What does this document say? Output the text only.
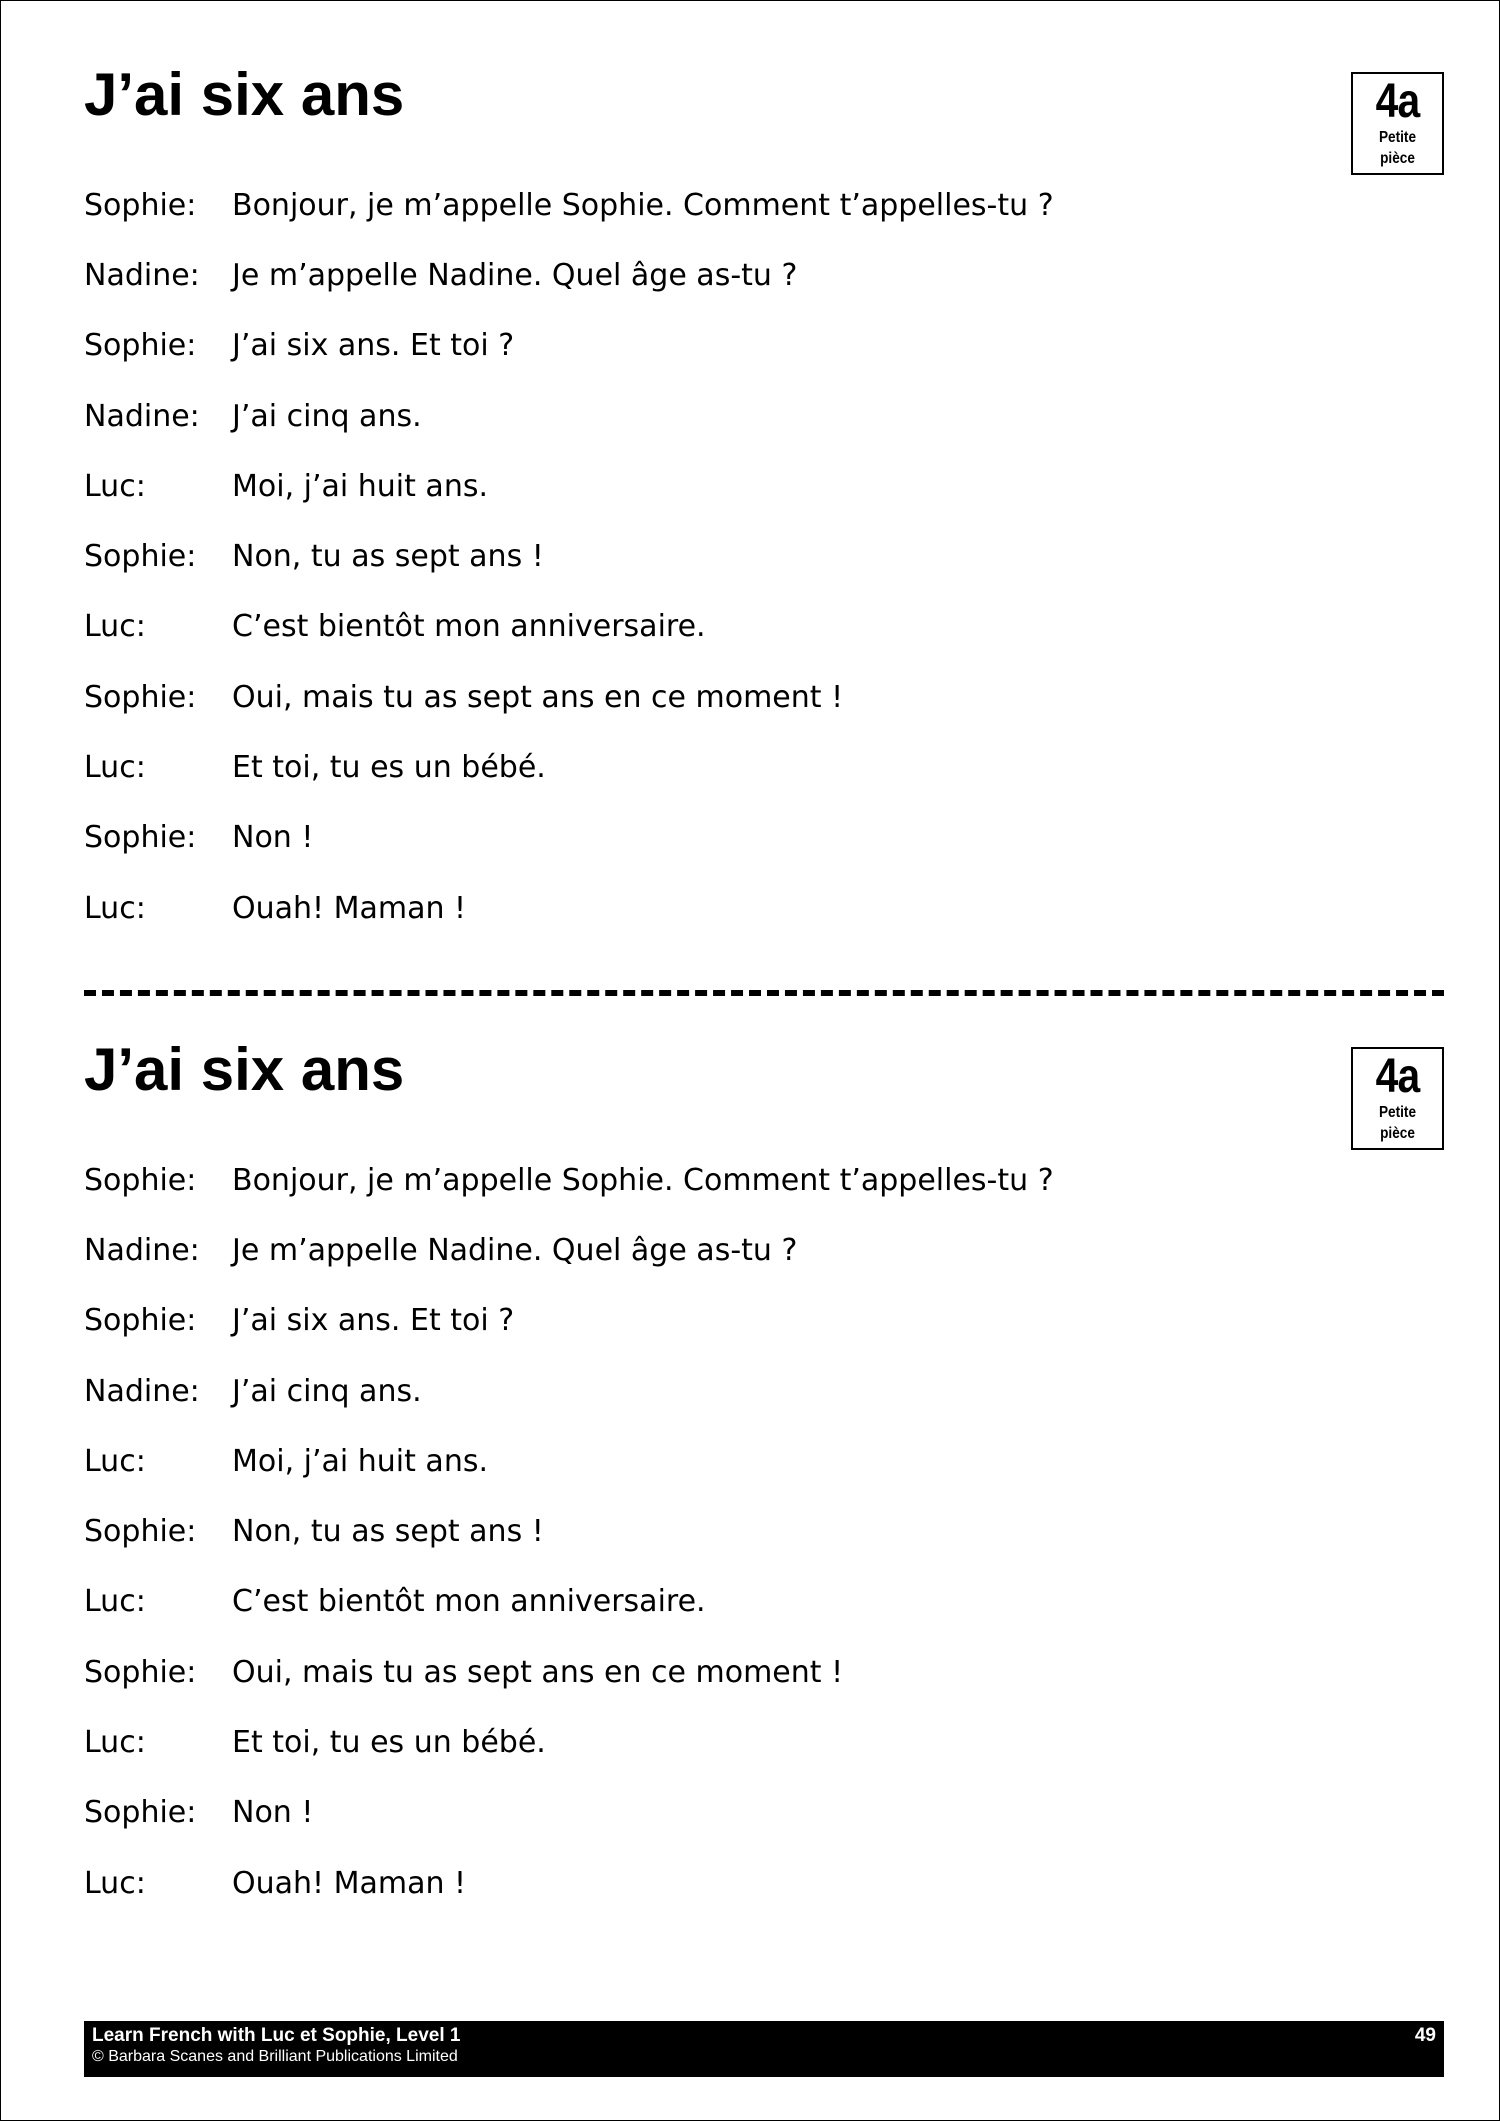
J’ai six ans	4a
Petite
pièce
Sophie:	Bonjour, je m’appelle Sophie. Comment t’appelles-tu ?
Nadine:	Je m’appelle Nadine. Quel âge as-tu ?
Sophie:	J’ai six ans. Et toi ?
Nadine:	J’ai cinq ans.
Luc:	Moi, j’ai huit ans.
Sophie:	Non, tu as sept ans !
Luc:	C’est bientôt mon anniversaire.
Sophie:	Oui, mais tu as sept ans en ce moment !
Luc:	Et toi, tu es un bébé.
Sophie:	Non !
Luc:	Ouah! Maman !
J’ai six ans	4a
Petite
pièce
Sophie:	Bonjour, je m’appelle Sophie. Comment t’appelles-tu ?
Nadine:	Je m’appelle Nadine. Quel âge as-tu ?
Sophie:	J’ai six ans. Et toi ?
Nadine:	J’ai cinq ans.
Luc:	Moi, j’ai huit ans.
Sophie:	Non, tu as sept ans !
Luc:	C’est bientôt mon anniversaire.
Sophie:	Oui, mais tu as sept ans en ce moment !
Luc:	Et toi, tu es un bébé.
Sophie:	Non !
Luc:	Ouah! Maman !
Learn French with Luc et Sophie, Level 1
© Barbara Scanes and Brilliant Publications Limited
49
